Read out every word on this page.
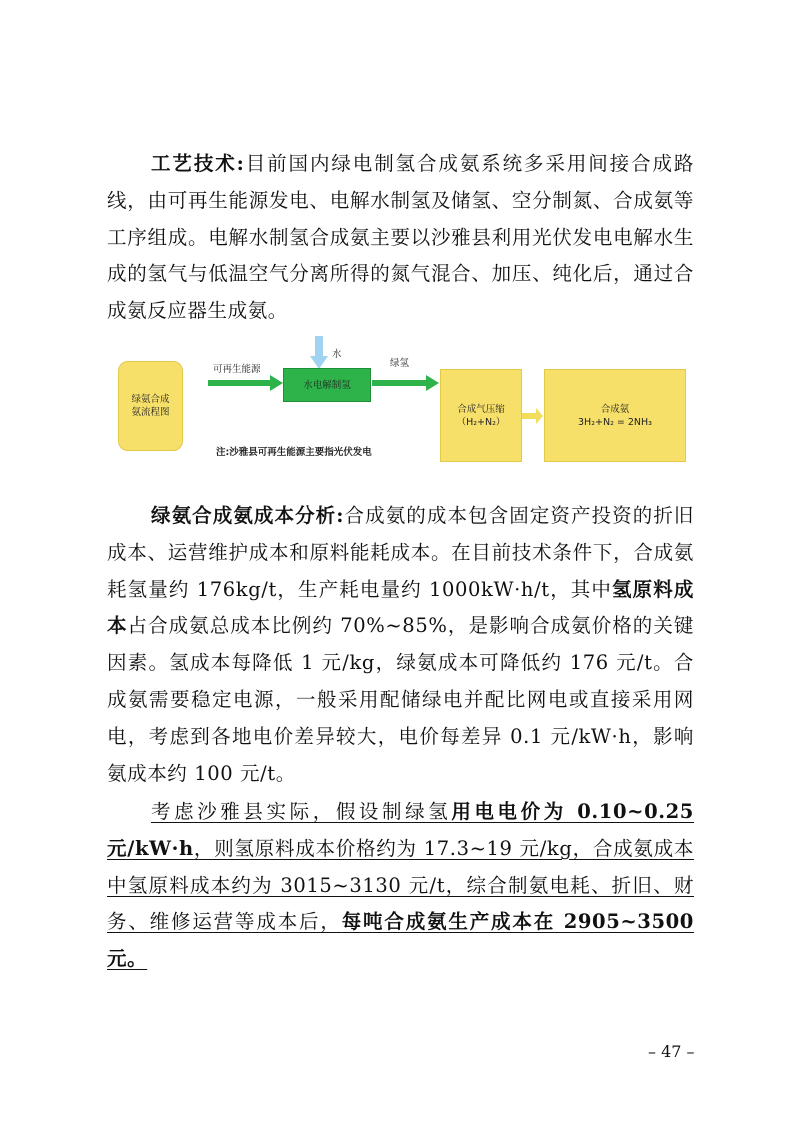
工艺技术:目前国内绿电制氢合成氨系统多采用间接合成路线，由可再生能源发电、电解水制氢及储氢、空分制氮、合成氨等工序组成。电解水制氢合成氨主要以沙雅县利用光伏发电电解水生成的氢气与低温空气分离所得的氮气混合、加压、纯化后，通过合成氨反应器生成氨。
绿氨合成氨流程图
可再生能源
水
水电解制氢
绿氢
合成气压缩
（H₂+N₂）
合成氨
3H₂+N₂ = 2NH₃
注:沙雅县可再生能源主要指光伏发电
绿氨合成氨成本分析:合成氨的成本包含固定资产投资的折旧成本、运营维护成本和原料能耗成本。在目前技术条件下，合成氨耗氢量约 176kg/t，生产耗电量约 1000kW·h/t，其中氢原料成本占合成氨总成本比例约 70%~85%，是影响合成氨价格的关键因素。氢成本每降低 1 元/kg，绿氨成本可降低约 176 元/t。合成氨需要稳定电源，一般采用配储绿电并配比网电或直接采用网电，考虑到各地电价差异较大，电价每差异 0.1 元/kW·h，影响氨成本约 100 元/t。
考虑沙雅县实际，假设制绿氢用电电价为 0.10~0.25 元/kW·h，则氢原料成本价格约为 17.3~19 元/kg，合成氨成本中氢原料成本约为 3015~3130 元/t，综合制氨电耗、折旧、财务、维修运营等成本后，每吨合成氨生产成本在 2905~3500 元。
– 47 –
